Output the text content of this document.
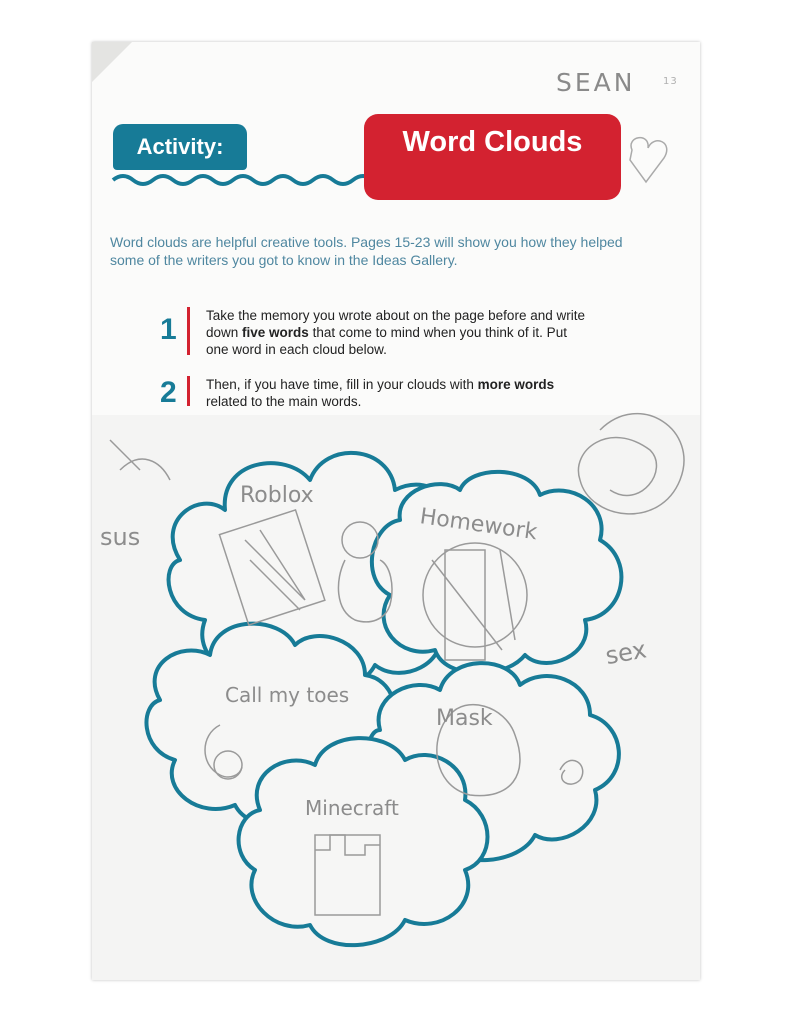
SEAN	13
Activity:	Word Clouds
Word clouds are helpful creative tools. Pages 15-23 will show you how they helped some of the writers you got to know in the Ideas Gallery.
1 Take the memory you wrote about on the page before and write down five words that come to mind when you think of it. Put one word in each cloud below.
2 Then, if you have time, fill in your clouds with more words related to the main words.
Roblox
Homework
Call my toes
Mask
Minecraft
sus
sex
